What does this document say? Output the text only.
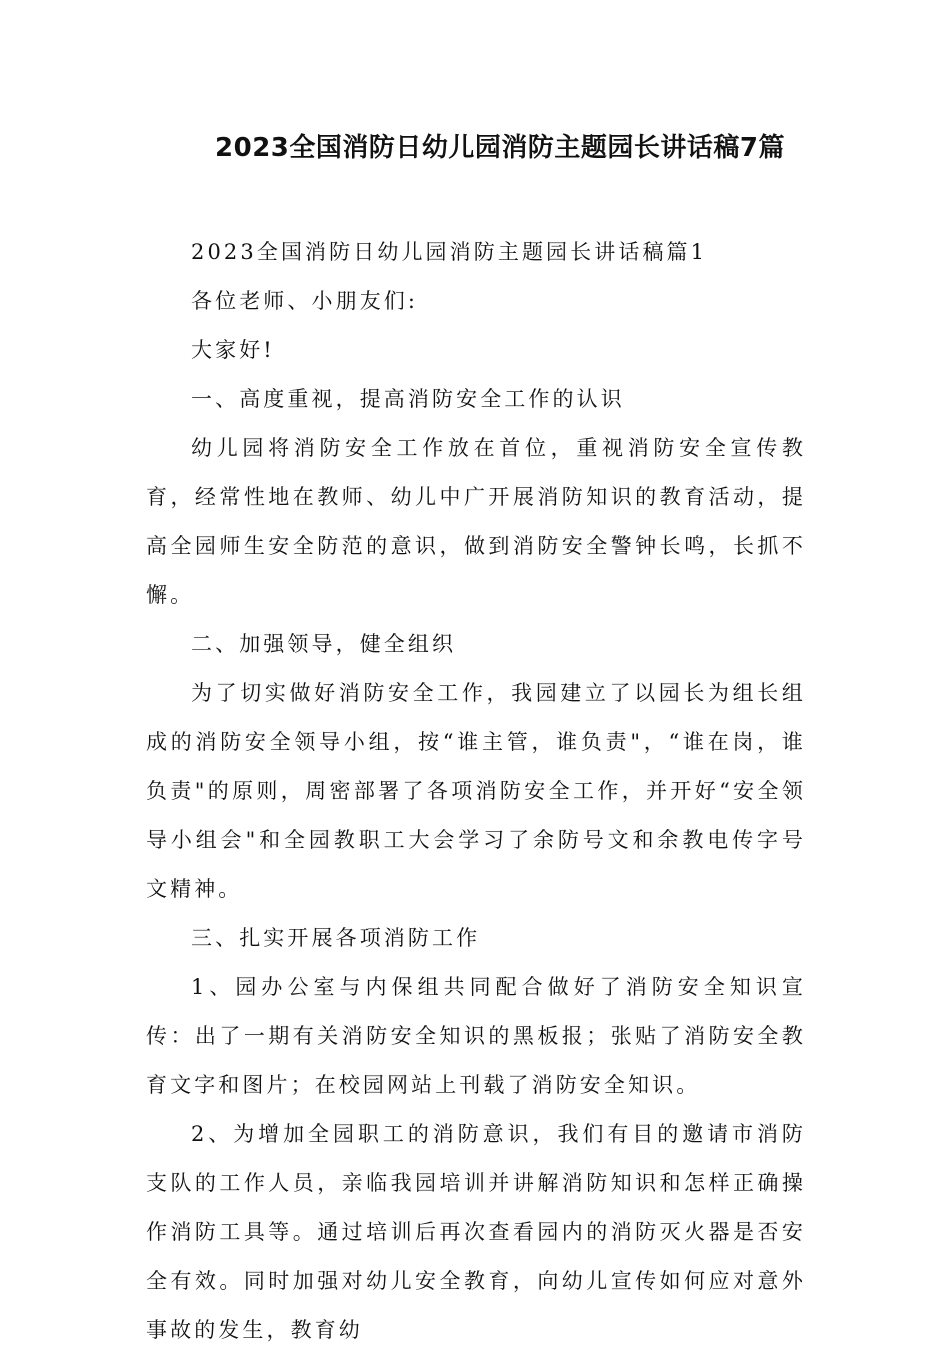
2023全国消防日幼儿园消防主题园长讲话稿7篇

2023全国消防日幼儿园消防主题园长讲话稿篇1

各位老师、小朋友们:

大家好!

一、高度重视，提高消防安全工作的认识

幼儿园将消防安全工作放在首位，重视消防安全宣传教育，经常性地在教师、幼儿中广开展消防知识的教育活动，提高全园师生安全防范的意识，做到消防安全警钟长鸣，长抓不懈。

二、加强领导，健全组织

为了切实做好消防安全工作，我园建立了以园长为组长组成的消防安全领导小组，按“谁主管，谁负责"，“谁在岗，谁负责"的原则，周密部署了各项消防安全工作，并开好“安全领导小组会"和全园教职工大会学习了余防号文和余教电传字号文精神。

三、扎实开展各项消防工作

1、园办公室与内保组共同配合做好了消防安全知识宣传：出了一期有关消防安全知识的黑板报；张贴了消防安全教育文字和图片；在校园网站上刊载了消防安全知识。

2、为增加全园职工的消防意识，我们有目的邀请市消防支队的工作人员，亲临我园培训并讲解消防知识和怎样正确操作消防工具等。通过培训后再次查看园内的消防灭火器是否安全有效。同时加强对幼儿安全教育，向幼儿宣传如何应对意外事故的发生，教育幼
